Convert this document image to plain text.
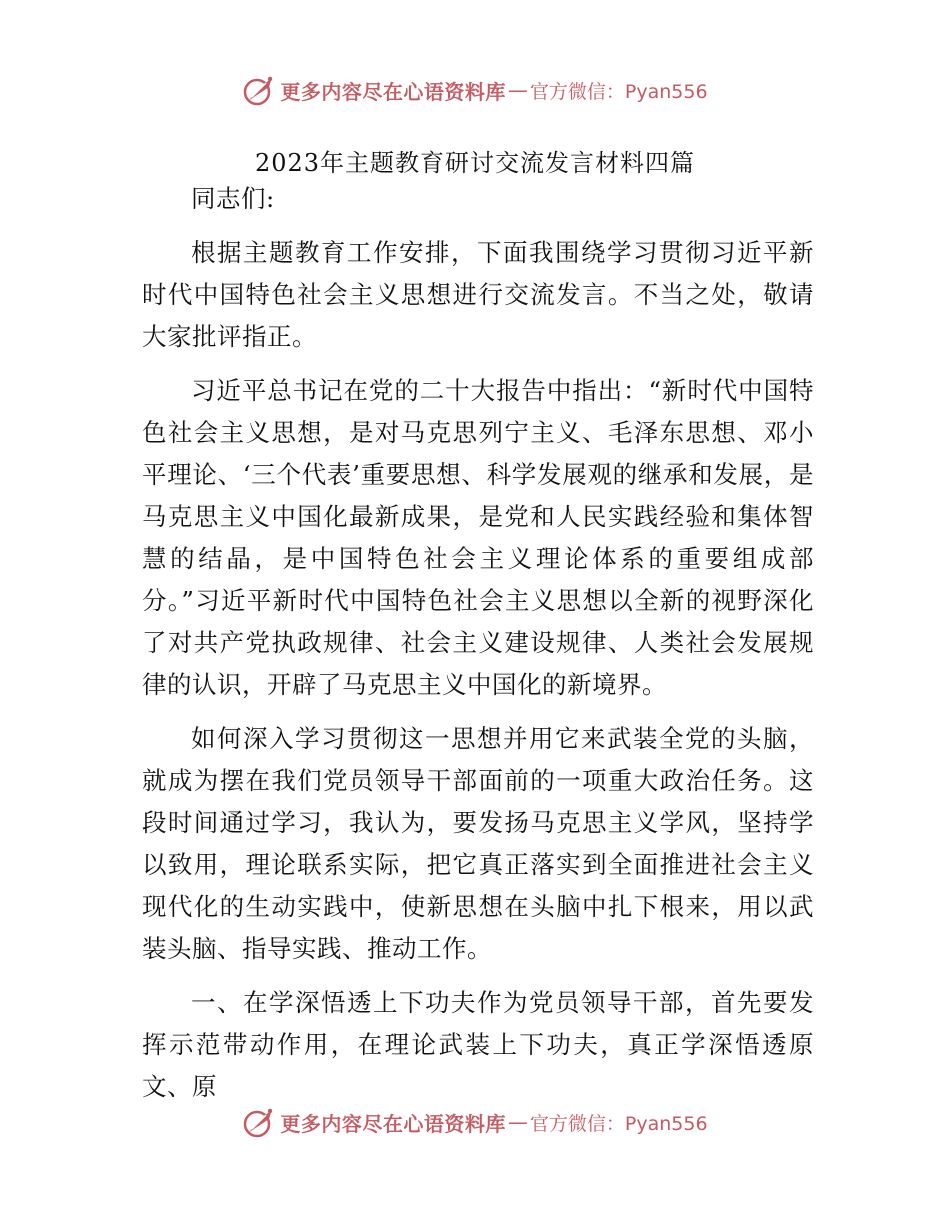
更多内容尽在心语资料库 — 官方微信：Pyan556
2023年主题教育研讨交流发言材料四篇

同志们:

根据主题教育工作安排，下面我围绕学习贯彻习近平新时代中国特色社会主义思想进行交流发言。不当之处，敬请大家批评指正。

习近平总书记在党的二十大报告中指出：“新时代中国特色社会主义思想，是对马克思列宁主义、毛泽东思想、邓小平理论、‘三个代表’重要思想、科学发展观的继承和发展，是马克思主义中国化最新成果，是党和人民实践经验和集体智慧的结晶，是中国特色社会主义理论体系的重要组成部分。”习近平新时代中国特色社会主义思想以全新的视野深化了对共产党执政规律、社会主义建设规律、人类社会发展规律的认识，开辟了马克思主义中国化的新境界。

如何深入学习贯彻这一思想并用它来武装全党的头脑，就成为摆在我们党员领导干部面前的一项重大政治任务。这段时间通过学习，我认为，要发扬马克思主义学风，坚持学以致用，理论联系实际，把它真正落实到全面推进社会主义现代化的生动实践中，使新思想在头脑中扎下根来，用以武装头脑、指导实践、推动工作。

一、在学深悟透上下功夫作为党员领导干部，首先要发挥示范带动作用，在理论武装上下功夫，真正学深悟透原文、原

更多内容尽在心语资料库 — 官方微信：Pyan556
